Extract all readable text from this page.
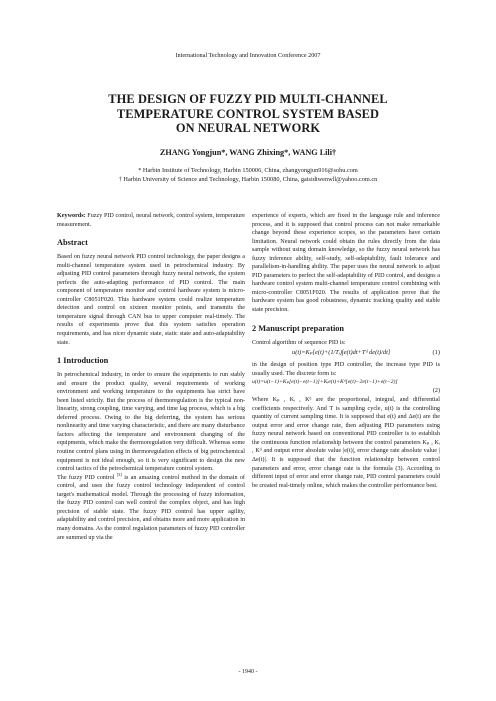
International Technology and Innovation Conference 2007
THE DESIGN OF FUZZY PID MULTI-CHANNEL
TEMPERATURE CONTROL SYSTEM BASED
ON NEURAL NETWORK
ZHANG Yongjun*, WANG Zhixing*, WANG Lili†
* Harbin Institute of Technology, Harbin 150006, China, zhangyongjun916@sohu.com
† Harbin University of Science and Technology, Harbin 150080, China, gaisidiwenwll@yahoo.com.cn

Keywords: Fuzzy PID control, neural network, control system, temperature measurement.

Abstract

Based on fuzzy neural network PID control technology, the paper designs a multi-channel temperature system used in petrochemical industry. By adjusting PID control parameters through fuzzy neural network, the system perfects the auto-adapting performance of PID control. The main component of temperature monitor and control hardware system is micro-controller C8051F020. This hardware system could realize temperature detection and control on sixteen monitor points, and transmits the temperature signal through CAN bus to upper computer real-timely. The results of experiments prove that this system satisfies operation requirements, and has nicer dynamic state, static state and auto-adaptability state.

1 Introduction

In petrochemical industry, in order to ensure the equipments to run stably and ensure the product quality, several requirements of working environment and working temperature to the equipments has strict have been listed strictly. But the process of thermoregulation is the typical non-linearity, strong coupling, time varying, and time lag process, which is a big deferred process. Owing to the big deferring, the system has serious nonlinearity and time varying characteristic, and there are many disturbance factors affecting the temperature and environment changing of the equipments, which make the thermoregulation very difficult. Whereas some routine control plans using in thermoregulation effects of big petrochemical equipment is not ideal enough, so it is very significant to design the new control tactics of the petrochemical temperature control system.

The fuzzy PID control [3] is an amazing control method in the domain of control, and uses the fuzzy control technology independent of control target's mathematical model. Through the processing of fuzzy information, the fuzzy PID control can well control the complex object, and has high precision of stable state. The fuzzy PID control has upper agility, adaptability and control precision, and obtains more and more application in many domains. As the control regulation parameters of fuzzy PID controller are summed up via the

experience of experts, which are fixed in the language rule and inference process, and it is supposed that control process can not make remarkable change beyond these experience scopes, so the parameters have certain limitation. Neural network could obtain the rules directly from the data sample without using domain knowledge, so the fuzzy neural network has fuzzy inference ability, self-study, self-adaptability, fault tolerance and parallelism-in-handling ability. The paper uses the neural network to adjust PID parameters to perfect the self-adaptability of PID control, and designs a hardware control system multi-channel temperature control combining with micro-controller C8051F020. The results of application prove that the hardware system has good robustness, dynamic tracking quality and stable state precision.

2 Manuscript preparation

Control algorithm of sequence PID is:

u(t)=Kₚ[e(t)+(1/Tᵢ)∫e(t)dt+Tᵈ de(t)/dt]	(1)

in the design of position type PID controller, the increase type PID is usually used. The discrete form is:

u(t)=u(t−1)+Kₚ[e(t)−e(t−1)]+Kᵢe(t)+Kᵈ[e(t)−2e(t−1)+e(t−2)]
(2)

Where Kₚ , Kᵢ , Kᵈ are the proportional, integral, and differential coefficients respectively. And T is sampling cycle, u(t) is the controlling quantity of current sampling time. It is supposed that e(t) and Δe(t) are the output error and error change rate, then adjusting PID parameters using fuzzy neural network based on conventional PID controller is to establish the continuous function relationship between the control parameters Kₚ , Kᵢ , Kᵈ and output error absolute value |e(t)|, error change rate absolute value |Δe(t)|. It is supposed that the function relationship between control parameters and error, error change rate is the formula (3). According to different input of error and error change rate, PID control parameters could be created real-timely online, which makes the controller performance best.

- 1940 -
